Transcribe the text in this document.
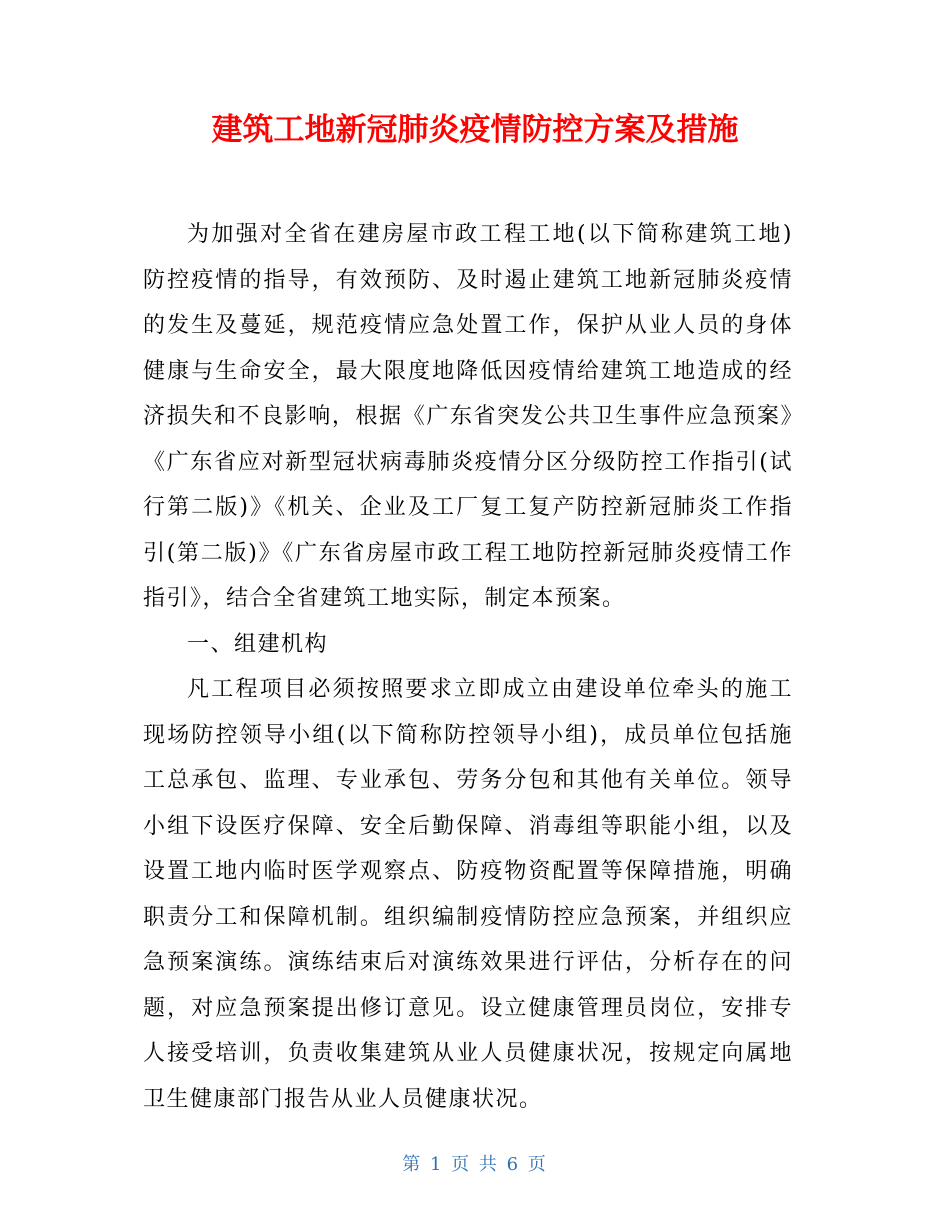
建筑工地新冠肺炎疫情防控方案及措施

为加强对全省在建房屋市政工程工地(以下简称建筑工地)防控疫情的指导，有效预防、及时遏止建筑工地新冠肺炎疫情的发生及蔓延，规范疫情应急处置工作，保护从业人员的身体健康与生命安全，最大限度地降低因疫情给建筑工地造成的经济损失和不良影响，根据《广东省突发公共卫生事件应急预案》《广东省应对新型冠状病毒肺炎疫情分区分级防控工作指引(试行第二版)》《机关、企业及工厂复工复产防控新冠肺炎工作指引(第二版)》《广东省房屋市政工程工地防控新冠肺炎疫情工作指引》，结合全省建筑工地实际，制定本预案。

一、组建机构

凡工程项目必须按照要求立即成立由建设单位牵头的施工现场防控领导小组(以下简称防控领导小组)，成员单位包括施工总承包、监理、专业承包、劳务分包和其他有关单位。领导小组下设医疗保障、安全后勤保障、消毒组等职能小组，以及设置工地内临时医学观察点、防疫物资配置等保障措施，明确职责分工和保障机制。组织编制疫情防控应急预案，并组织应急预案演练。演练结束后对演练效果进行评估，分析存在的问题，对应急预案提出修订意见。设立健康管理员岗位，安排专人接受培训，负责收集建筑从业人员健康状况，按规定向属地卫生健康部门报告从业人员健康状况。

第 1 页 共 6 页
